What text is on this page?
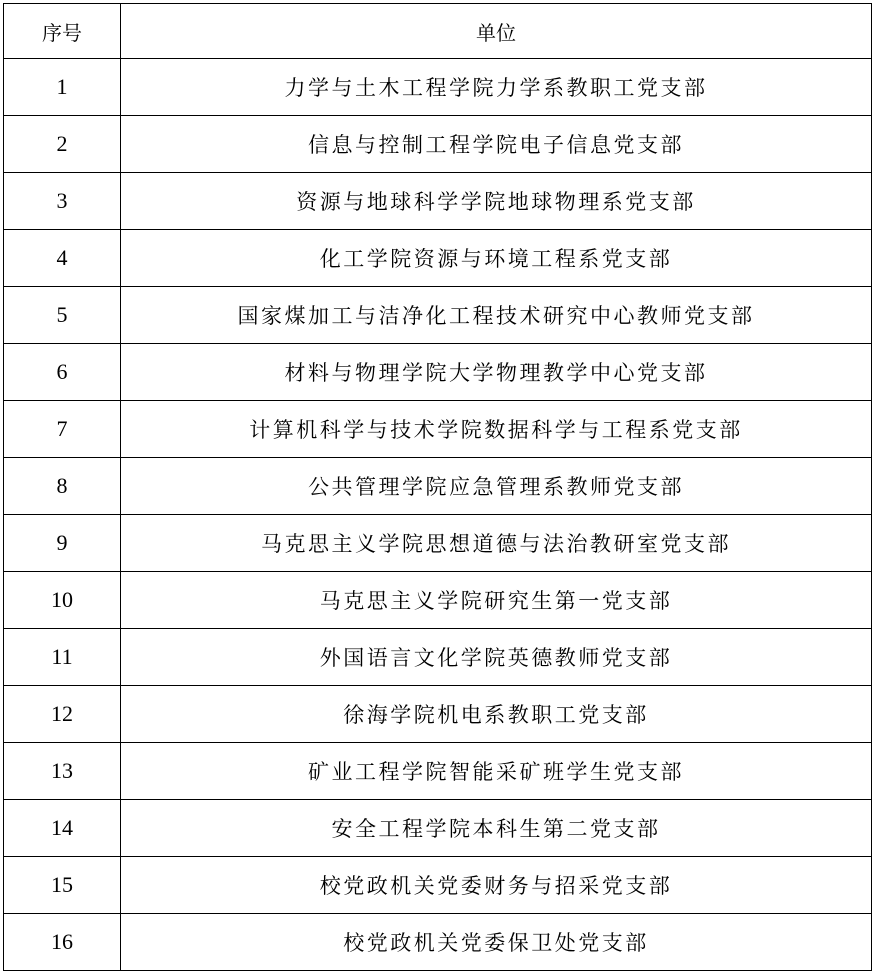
序号	单位
1	力学与土木工程学院力学系教职工党支部
2	信息与控制工程学院电子信息党支部
3	资源与地球科学学院地球物理系党支部
4	化工学院资源与环境工程系党支部
5	国家煤加工与洁净化工程技术研究中心教师党支部
6	材料与物理学院大学物理教学中心党支部
7	计算机科学与技术学院数据科学与工程系党支部
8	公共管理学院应急管理系教师党支部
9	马克思主义学院思想道德与法治教研室党支部
10	马克思主义学院研究生第一党支部
11	外国语言文化学院英德教师党支部
12	徐海学院机电系教职工党支部
13	矿业工程学院智能采矿班学生党支部
14	安全工程学院本科生第二党支部
15	校党政机关党委财务与招采党支部
16	校党政机关党委保卫处党支部
